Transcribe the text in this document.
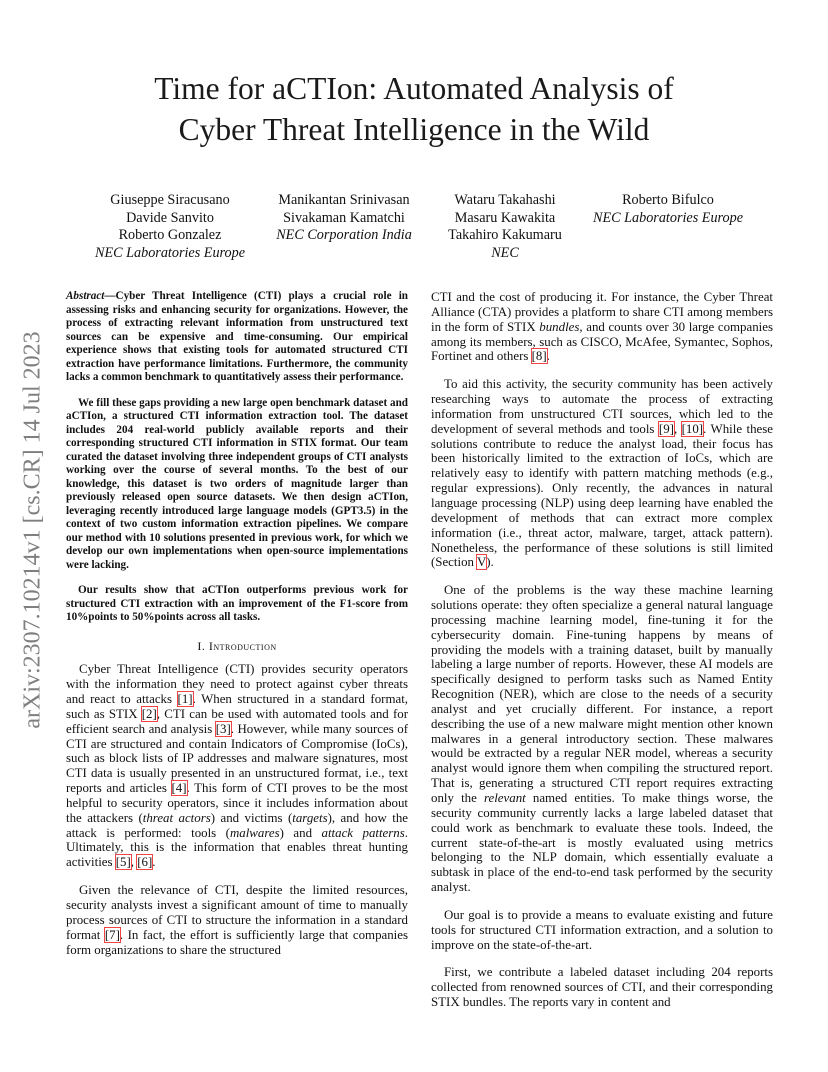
Time for aCTIon: Automated Analysis of
Cyber Threat Intelligence in the Wild
Giuseppe Siracusano
Davide Sanvito
Roberto Gonzalez
NEC Laboratories Europe
Manikantan Srinivasan
Sivakaman Kamatchi
NEC Corporation India
Wataru Takahashi
Masaru Kawakita
Takahiro Kakumaru
NEC
Roberto Bifulco
NEC Laboratories Europe
arXiv:2307.10214v1 [cs.CR] 14 Jul 2023

Abstract—Cyber Threat Intelligence (CTI) plays a crucial role in assessing risks and enhancing security for organizations. However, the process of extracting relevant information from unstructured text sources can be expensive and time-consuming. Our empirical experience shows that existing tools for automated structured CTI extraction have performance limitations. Furthermore, the community lacks a common benchmark to quantitatively assess their performance.

We fill these gaps providing a new large open benchmark dataset and aCTIon, a structured CTI information extraction tool. The dataset includes 204 real-world publicly available reports and their corresponding structured CTI information in STIX format. Our team curated the dataset involving three independent groups of CTI analysts working over the course of several months. To the best of our knowledge, this dataset is two orders of magnitude larger than previously released open source datasets. We then design aCTIon, leveraging recently introduced large language models (GPT3.5) in the context of two custom information extraction pipelines. We compare our method with 10 solutions presented in previous work, for which we develop our own implementations when open-source implementations were lacking.

Our results show that aCTIon outperforms previous work for structured CTI extraction with an improvement of the F1-score from 10%points to 50%points across all tasks.

I. Introduction

Cyber Threat Intelligence (CTI) provides security operators with the information they need to protect against cyber threats and react to attacks [1]. When structured in a standard format, such as STIX [2], CTI can be used with automated tools and for efficient search and analysis [3]. However, while many sources of CTI are structured and contain Indicators of Compromise (IoCs), such as block lists of IP addresses and malware signatures, most CTI data is usually presented in an unstructured format, i.e., text reports and articles [4]. This form of CTI proves to be the most helpful to security operators, since it includes information about the attackers (threat actors) and victims (targets), and how the attack is performed: tools (malwares) and attack patterns. Ultimately, this is the information that enables threat hunting activities [5], [6].

Given the relevance of CTI, despite the limited resources, security analysts invest a significant amount of time to manually process sources of CTI to structure the information in a standard format [7]. In fact, the effort is sufficiently large that companies form organizations to share the structured

CTI and the cost of producing it. For instance, the Cyber Threat Alliance (CTA) provides a platform to share CTI among members in the form of STIX bundles, and counts over 30 large companies among its members, such as CISCO, McAfee, Symantec, Sophos, Fortinet and others [8].

To aid this activity, the security community has been actively researching ways to automate the process of extracting information from unstructured CTI sources, which led to the development of several methods and tools [9], [10]. While these solutions contribute to reduce the analyst load, their focus has been historically limited to the extraction of IoCs, which are relatively easy to identify with pattern matching methods (e.g., regular expressions). Only recently, the advances in natural language processing (NLP) using deep learning have enabled the development of methods that can extract more complex information (i.e., threat actor, malware, target, attack pattern). Nonetheless, the performance of these solutions is still limited (Section V).

One of the problems is the way these machine learning solutions operate: they often specialize a general natural language processing machine learning model, fine-tuning it for the cybersecurity domain. Fine-tuning happens by means of providing the models with a training dataset, built by manually labeling a large number of reports. However, these AI models are specifically designed to perform tasks such as Named Entity Recognition (NER), which are close to the needs of a security analyst and yet crucially different. For instance, a report describing the use of a new malware might mention other known malwares in a general introductory section. These malwares would be extracted by a regular NER model, whereas a security analyst would ignore them when compiling the structured report. That is, generating a structured CTI report requires extracting only the relevant named entities. To make things worse, the security community currently lacks a large labeled dataset that could work as benchmark to evaluate these tools. Indeed, the current state-of-the-art is mostly evaluated using metrics belonging to the NLP domain, which essentially evaluate a subtask in place of the end-to-end task performed by the security analyst.

Our goal is to provide a means to evaluate existing and future tools for structured CTI information extraction, and a solution to improve on the state-of-the-art.

First, we contribute a labeled dataset including 204 reports collected from renowned sources of CTI, and their corresponding STIX bundles. The reports vary in content and
